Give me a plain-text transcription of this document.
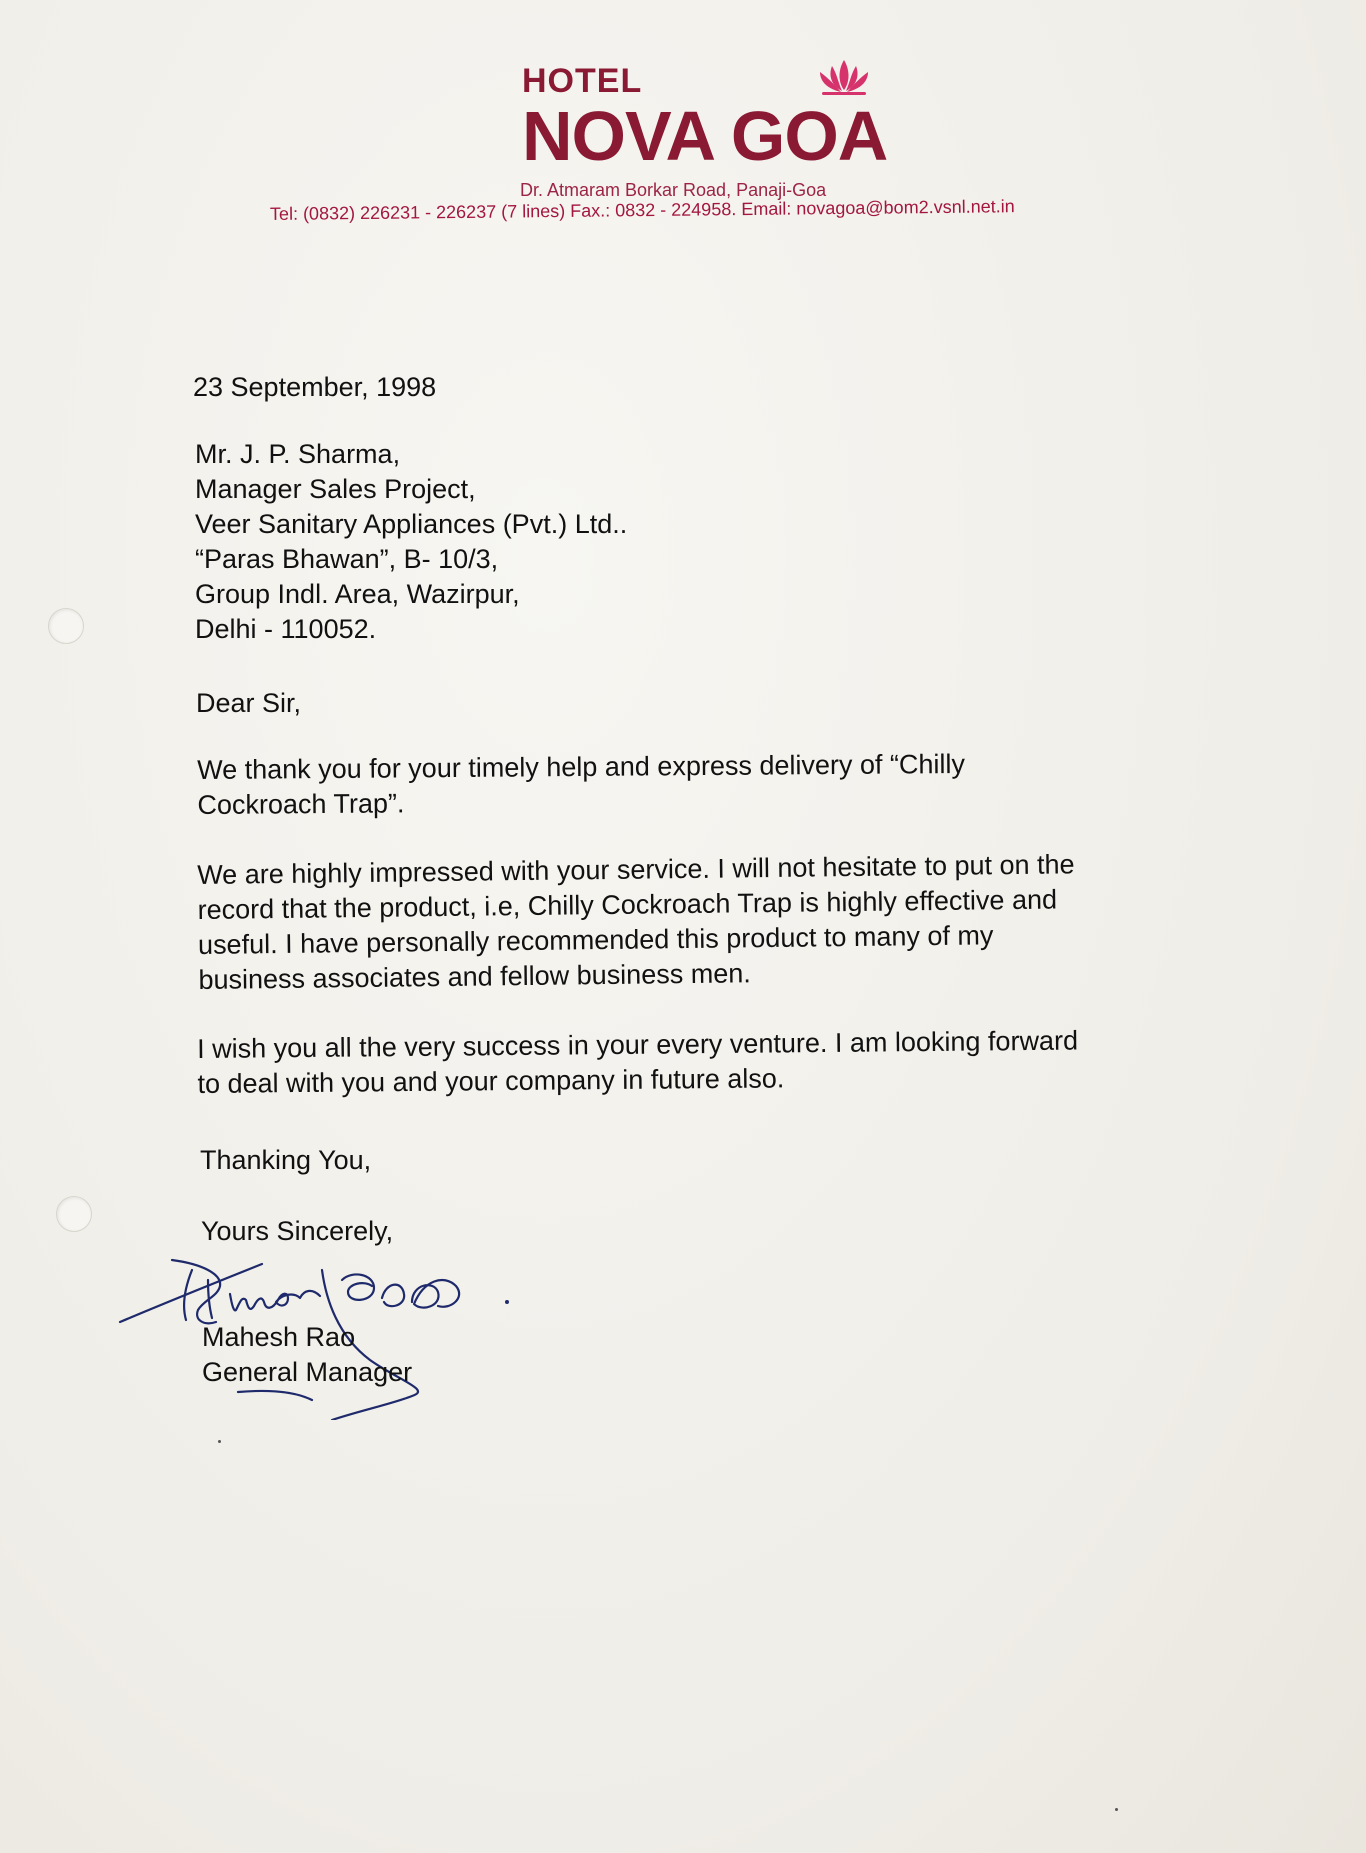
HOTEL
NOVA GOA
Dr. Atmaram Borkar Road, Panaji-Goa
Tel: (0832) 226231 - 226237 (7 lines) Fax.: 0832 - 224958. Email: novagoa@bom2.vsnl.net.in
23 September, 1998
Mr. J. P. Sharma,
Manager Sales Project,
Veer Sanitary Appliances (Pvt.) Ltd..
“Paras Bhawan”, B- 10/3,
Group Indl. Area, Wazirpur,
Delhi - 110052.
Dear Sir,
We thank you for your timely help and express delivery of “Chilly
Cockroach Trap”.
We are highly impressed with your service. I will not hesitate to put on the
record that the product, i.e, Chilly Cockroach Trap is highly effective and
useful. I have personally recommended this product to many of my
business associates and fellow business men.
I wish you all the very success in your every venture. I am looking forward
to deal with you and your company in future also.
Thanking You,
Yours Sincerely,
Mahesh Rao
General Manager
